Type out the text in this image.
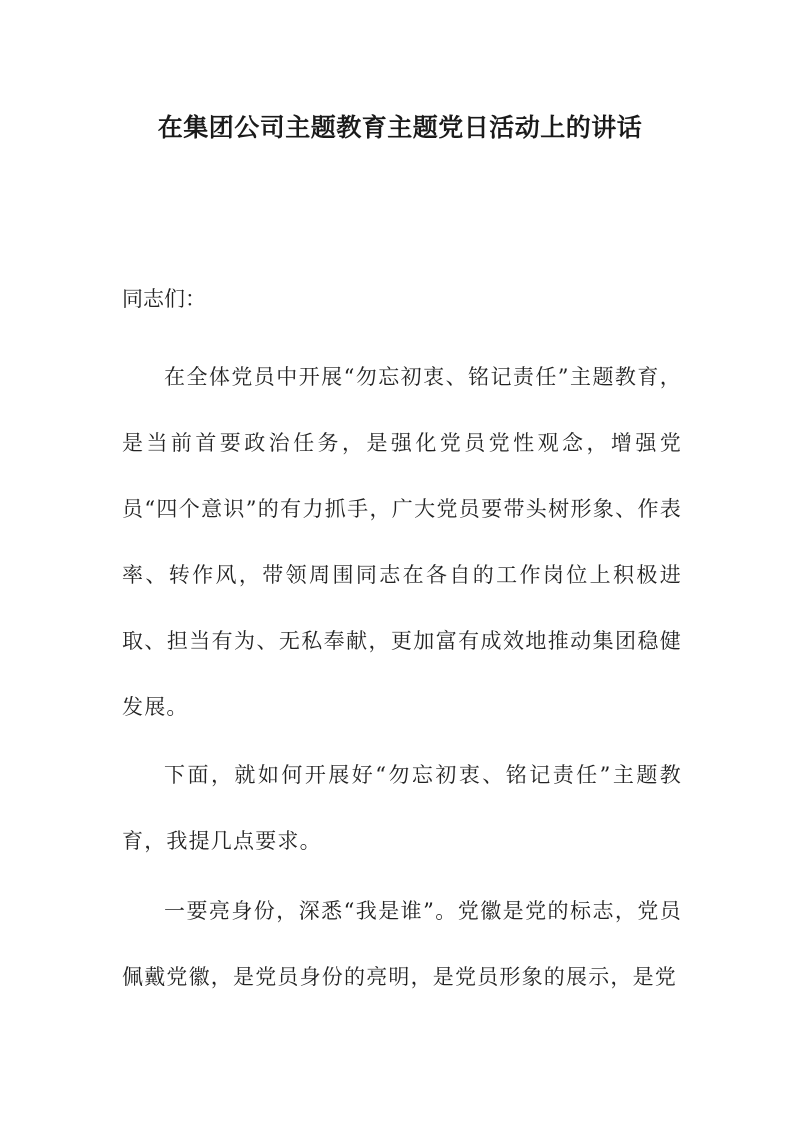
在集团公司主题教育主题党日活动上的讲话

同志们：

在全体党员中开展“勿忘初衷、铭记责任”主题教育，是当前首要政治任务，是强化党员党性观念，增强党员“四个意识”的有力抓手，广大党员要带头树形象、作表率、转作风，带领周围同志在各自的工作岗位上积极进取、担当有为、无私奉献，更加富有成效地推动集团稳健发展。

下面，就如何开展好“勿忘初衷、铭记责任”主题教育，我提几点要求。

一要亮身份，深悉“我是谁”。党徽是党的标志，党员佩戴党徽，是党员身份的亮明，是党员形象的展示，是党
